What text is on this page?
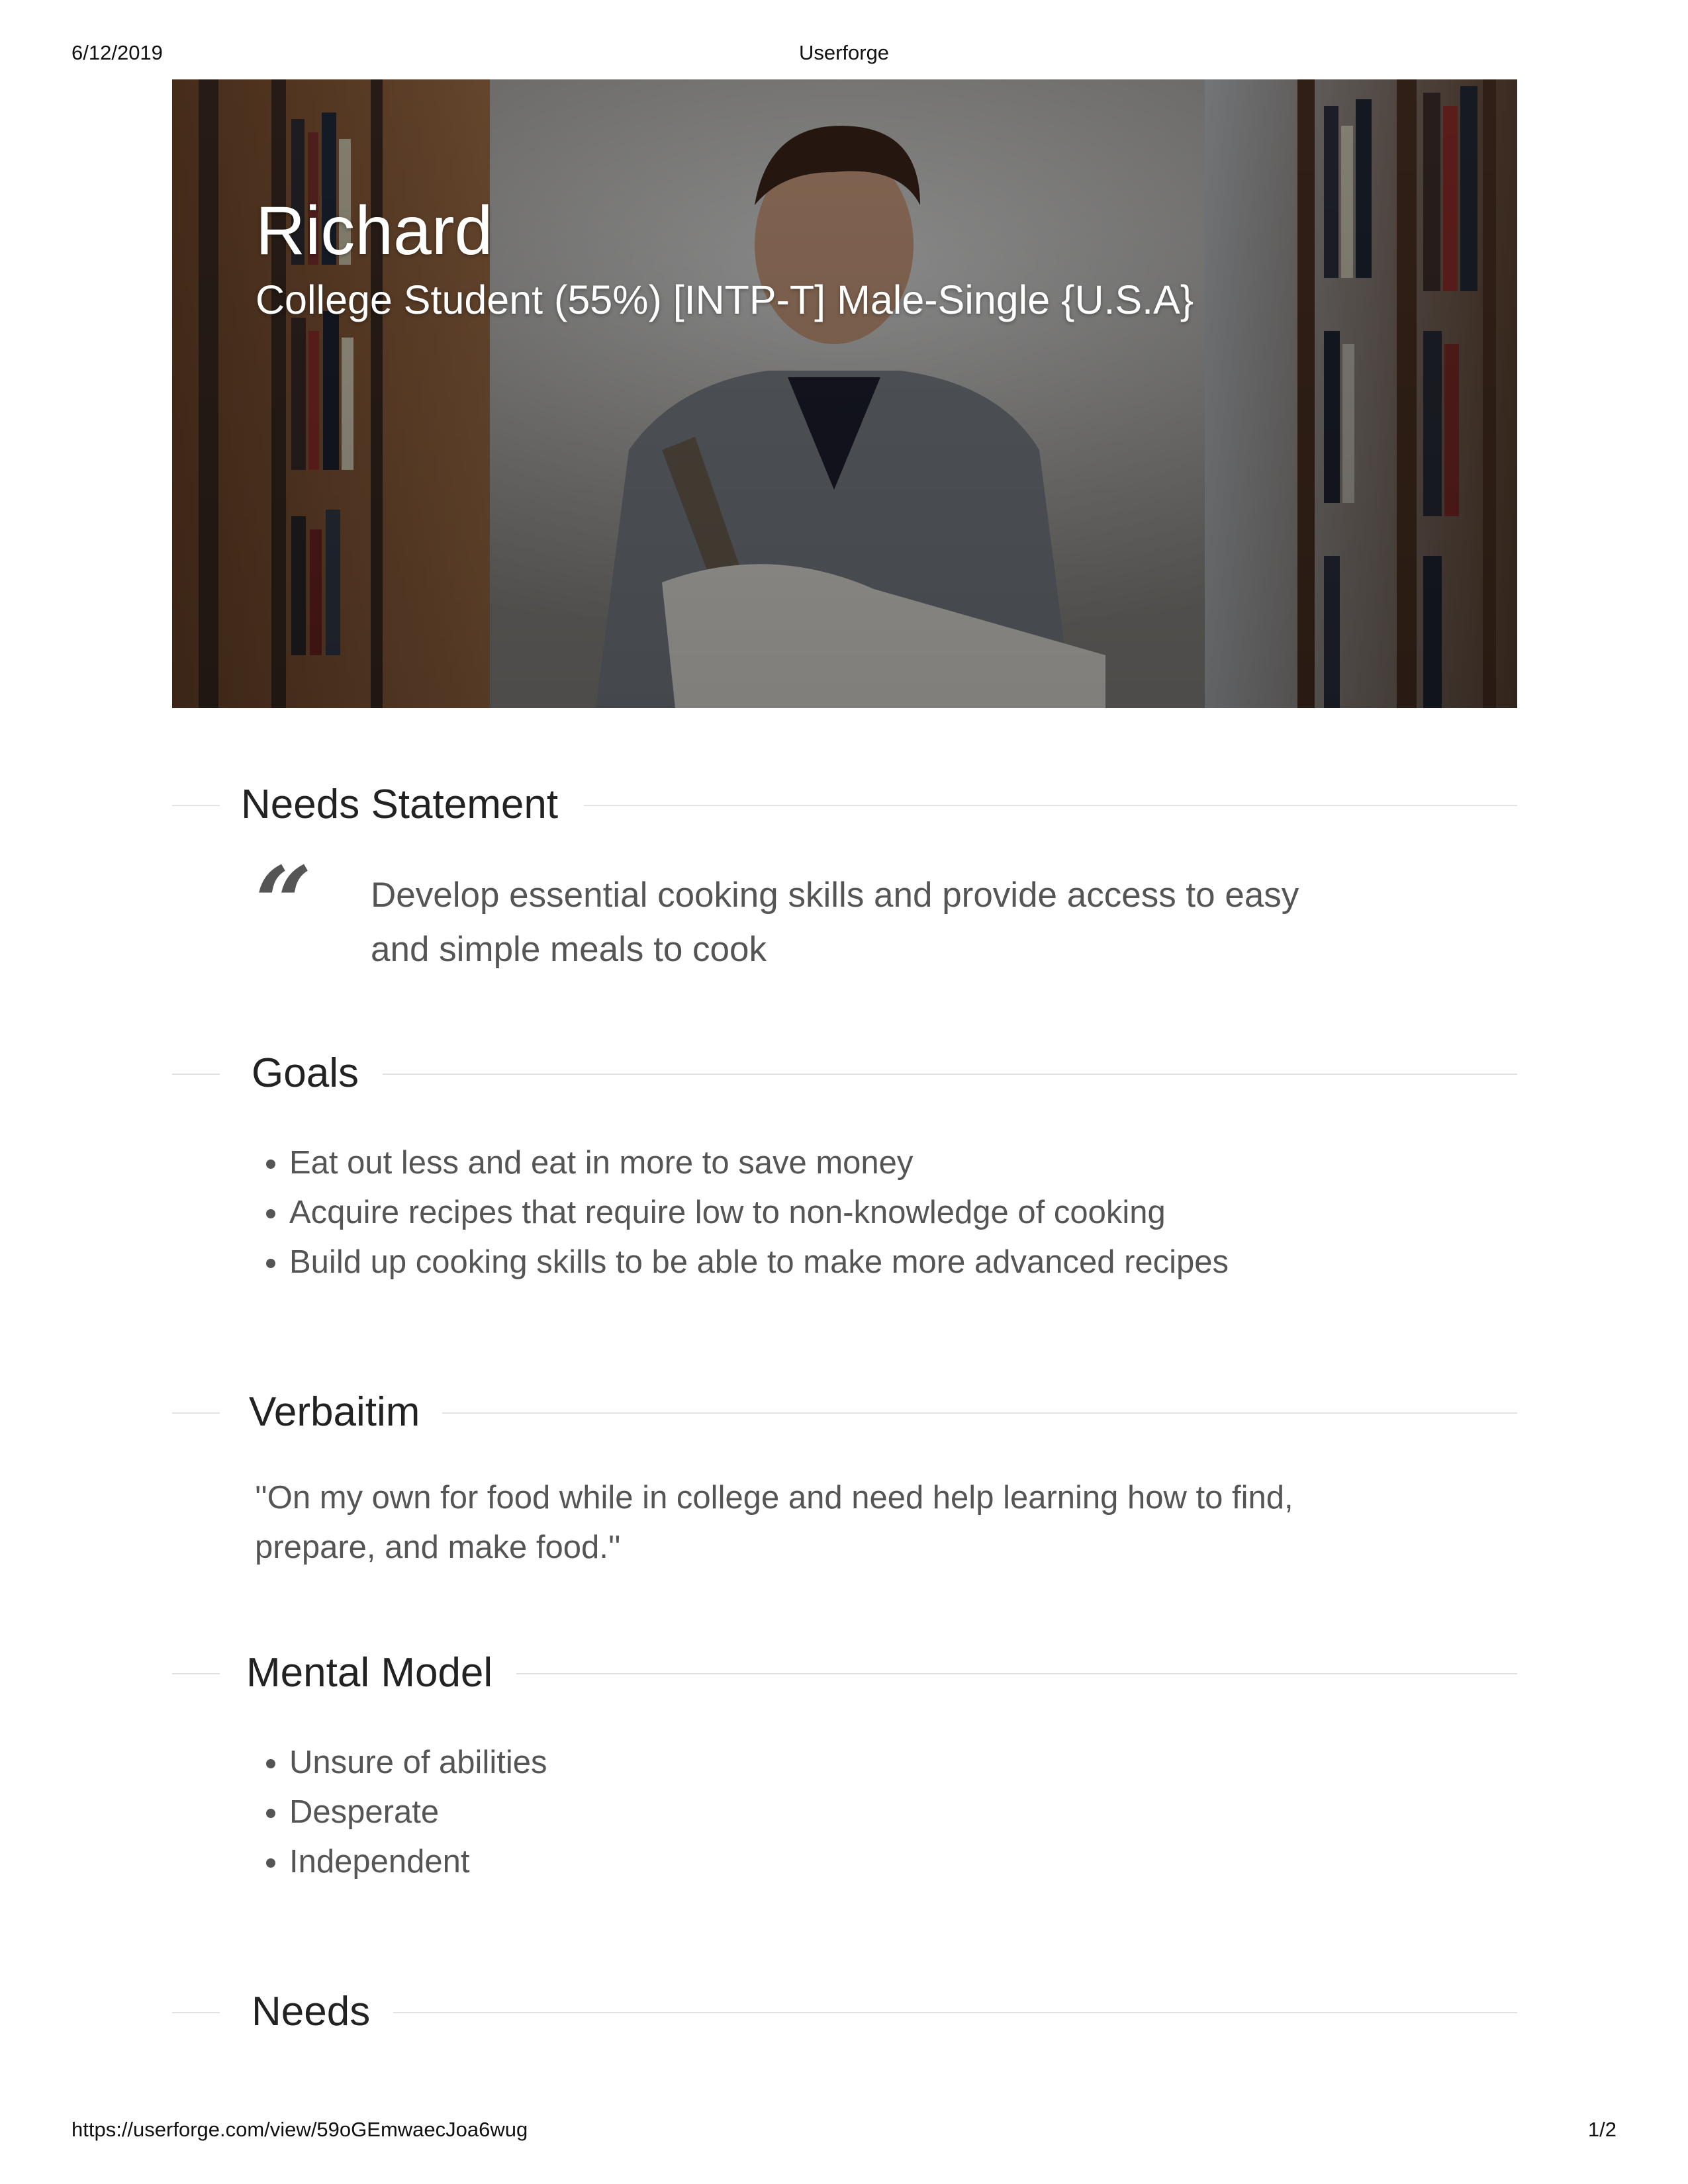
6/12/2019	Userforge
Richard
College Student (55%) [INTP-T] Male-Single {U.S.A}
Needs Statement
“ Develop essential cooking skills and provide access to easy and simple meals to cook
Goals
• Eat out less and eat in more to save money
• Acquire recipes that require low to non-knowledge of cooking
• Build up cooking skills to be able to make more advanced recipes
Verbaitim
''On my own for food while in college and need help learning how to find, prepare, and make food.''
Mental Model
• Unsure of abilities
• Desperate
• Independent
Needs
https://userforge.com/view/59oGEmwaecJoa6wug	1/2
